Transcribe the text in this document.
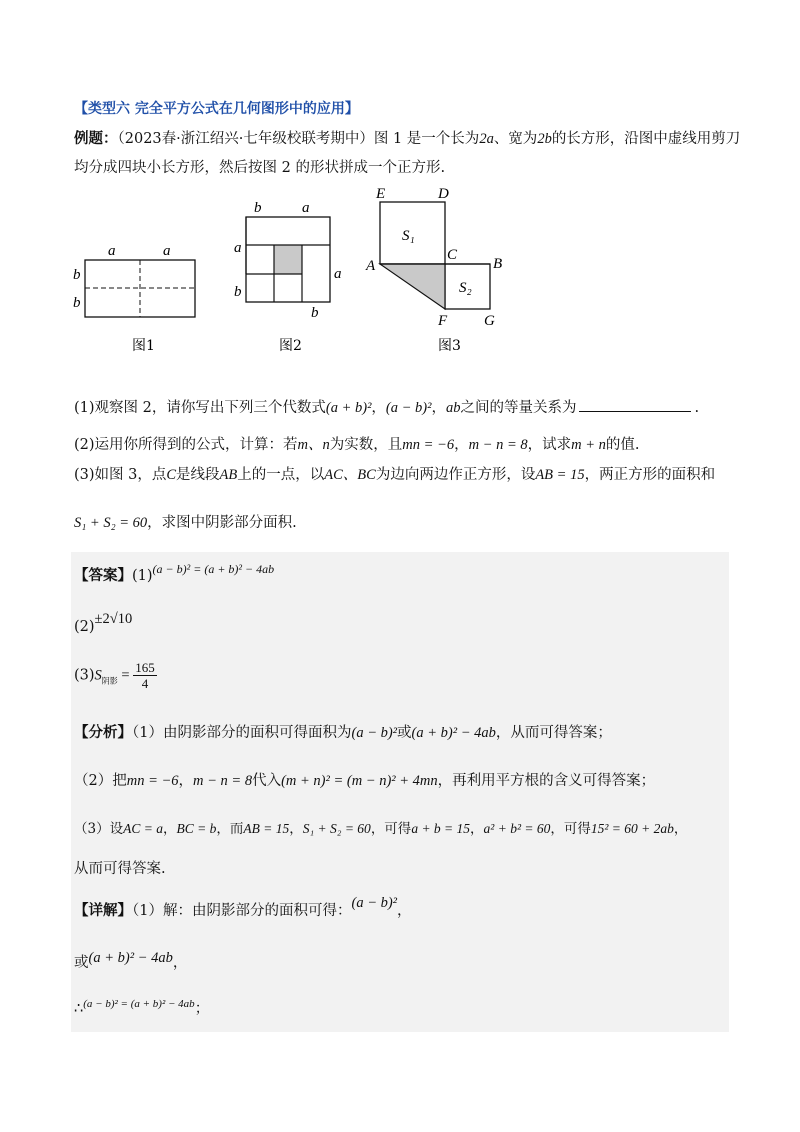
【类型六 完全平方公式在几何图形中的应用】
例题：（2023春·浙江绍兴·七年级校联考期中）图 1 是一个长为2a、宽为2b的长方形，沿图中虚线用剪刀
均分成四块小长方形，然后按图 2 的形状拼成一个正方形.
a	a
b
b
图1
b	a
a
b
a
b
图2
E	D
S₁
A
C
B
S₂
F G
图3
(1)观察图 2，请你写出下列三个代数式(a + b)²，(a − b)²，ab之间的等量关系为	.
(2)运用你所得到的公式，计算：若m、n为实数，且mn = −6，m − n = 8，试求m + n的值.
(3)如图 3，点C是线段AB上的一点，以AC、BC为边向两边作正方形，设AB = 15，两正方形的面积和
S₁ + S₂ = 60，求图中阴影部分面积.
【答案】$(1)^{(a - b)^2 = (a + b)^2 - 4ab}$
(2)±2√10
$(3)S_{阴影} = \frac{165}{4}$
【分析】（1）由阴影部分的面积可得面积为(a − b)²或(a + b)² − 4ab，从而可得答案；
（2）把mn = −6，m − n = 8代入(m + n)² = (m − n)² + 4mn，再利用平方根的含义可得答案；
（3）设AC = a，BC = b，而AB = 15，S₁ + S₂ = 60，可得a + b = 15，a² + b² = 60，可得15² = 60 + 2ab，
从而可得答案.
【详解】（1）解：由阴影部分的面积可得：(a − b)²，
或(a + b)² − 4ab，
∴$^{(a - b)^2 = (a + b)^2 - 4ab}$；
